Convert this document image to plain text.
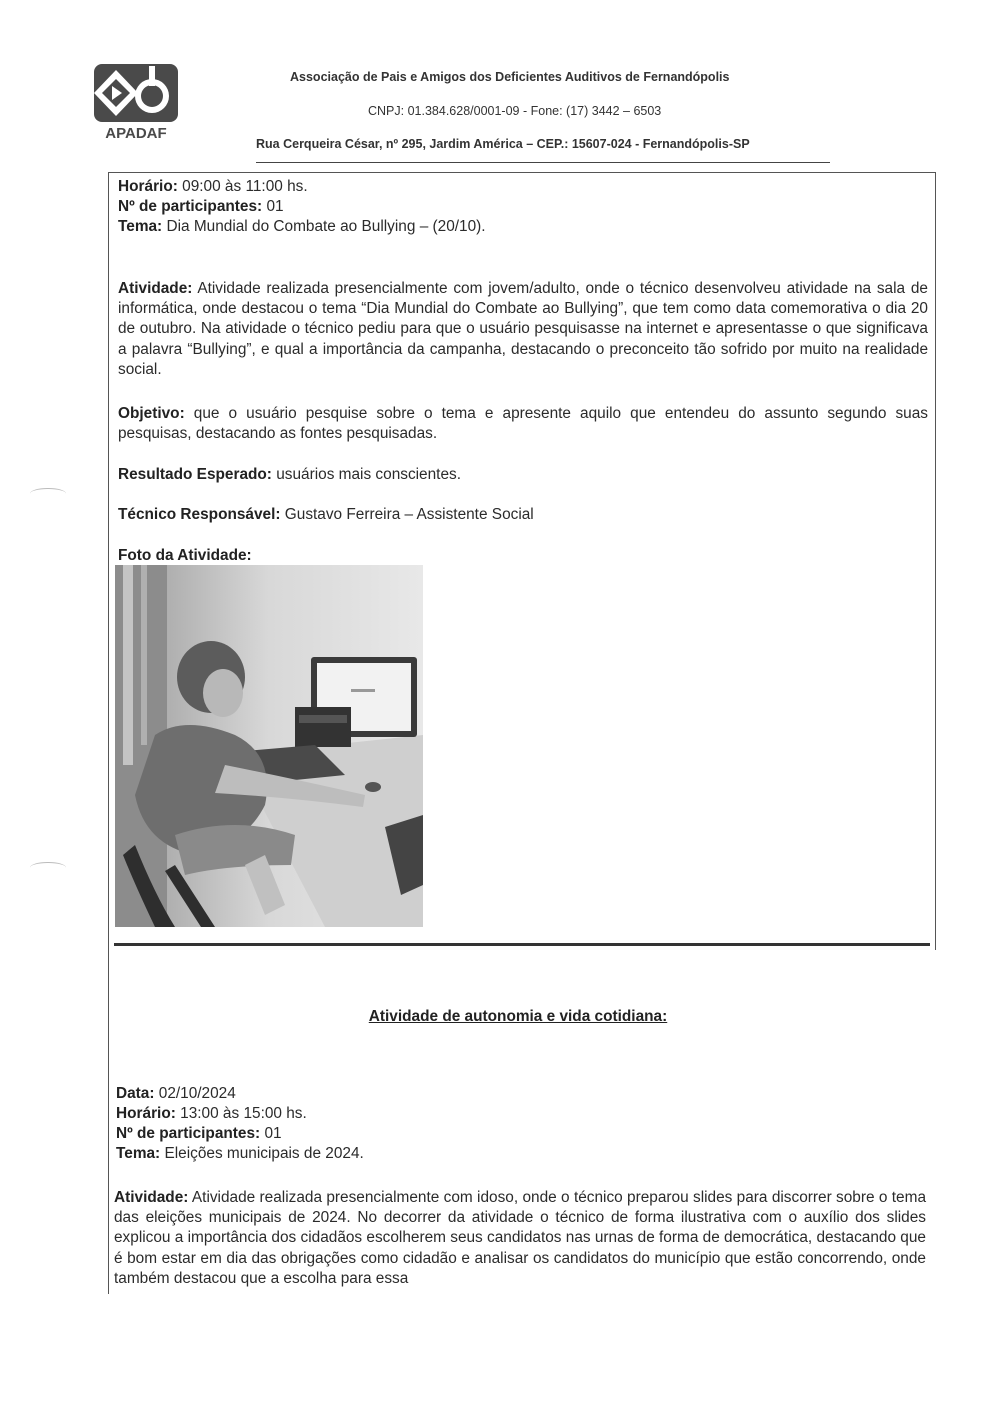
APADAF
Associação de Pais e Amigos dos Deficientes Auditivos de Fernandópolis
CNPJ: 01.384.628/0001-09 - Fone: (17) 3442 – 6503
Rua Cerqueira César, nº 295, Jardim América – CEP.: 15607-024 - Fernandópolis-SP
Horário: 09:00 às 11:00 hs.
Nº de participantes: 01
Tema: Dia Mundial do Combate ao Bullying – (20/10).
Atividade: Atividade realizada presencialmente com jovem/adulto, onde o técnico desenvolveu atividade na sala de informática, onde destacou o tema “Dia Mundial do Combate ao Bullying”, que tem como data comemorativa o dia 20 de outubro. Na atividade o técnico pediu para que o usuário pesquisasse na internet e apresentasse o que significava a palavra “Bullying”, e qual a importância da campanha, destacando o preconceito tão sofrido por muito na realidade social.
Objetivo: que o usuário pesquise sobre o tema e apresente aquilo que entendeu do assunto segundo suas pesquisas, destacando as fontes pesquisadas.
Resultado Esperado: usuários mais conscientes.
Técnico Responsável: Gustavo Ferreira – Assistente Social
Foto da Atividade:
Atividade de autonomia e vida cotidiana:
Data: 02/10/2024
Horário: 13:00 às 15:00 hs.
Nº de participantes: 01
Tema: Eleições municipais de 2024.
Atividade: Atividade realizada presencialmente com idoso, onde o técnico preparou slides para discorrer sobre o tema das eleições municipais de 2024. No decorrer da atividade o técnico de forma ilustrativa com o auxílio dos slides explicou a importância dos cidadãos escolherem seus candidatos nas urnas de forma de democrática, destacando que é bom estar em dia das obrigações como cidadão e analisar os candidatos do município que estão concorrendo, onde também destacou que a escolha para essa
